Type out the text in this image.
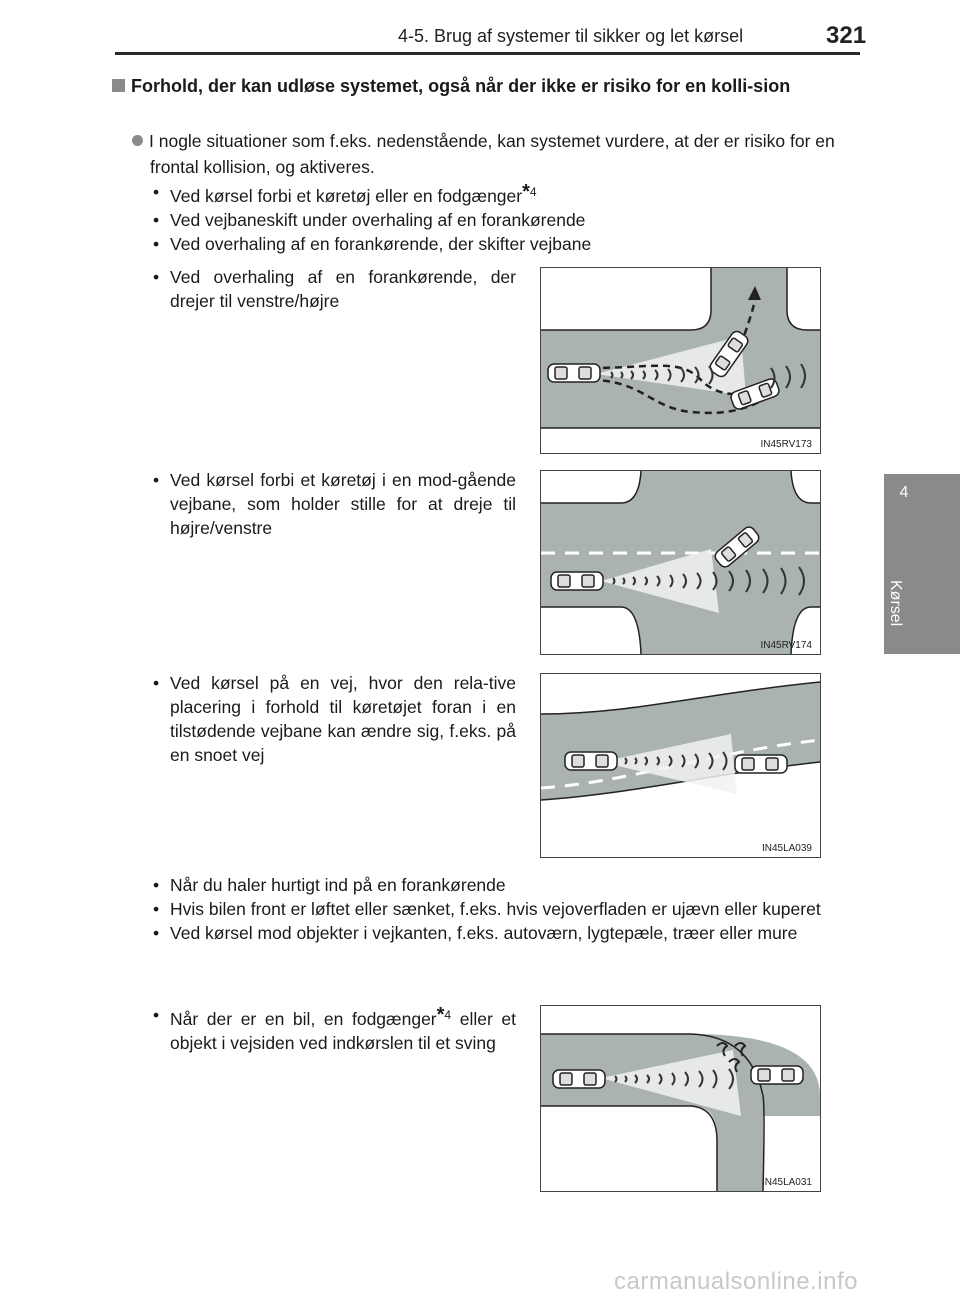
4-5. Brug af systemer til sikker og let kørsel	321
4
Kørsel
Forhold, der kan udløse systemet, også når der ikke er risiko for en kolli-sion
I nogle situationer som f.eks. nedenstående, kan systemet vurdere, at der er risiko for en frontal kollision, og aktiveres.
• Ved kørsel forbi et køretøj eller en fodgænger*$^4$
• Ved vejbaneskift under overhaling af en forankørende
• Ved overhaling af en forankørende, der skifter vejbane
• Ved overhaling af en forankørende, der drejer til venstre/højre
IN45RV173
• Ved kørsel forbi et køretøj i en mod-gående vejbane, som holder stille for at dreje til højre/venstre
IN45RV174
• Ved kørsel på en vej, hvor den rela-tive placering i forhold til køretøjet foran i en tilstødende vejbane kan ændre sig, f.eks. på en snoet vej
IN45LA039
• Når du haler hurtigt ind på en forankørende
• Hvis bilen front er løftet eller sænket, f.eks. hvis vejoverfladen er ujævn eller kuperet
• Ved kørsel mod objekter i vejkanten, f.eks. autoværn, lygtepæle, træer eller mure
• Når der er en bil, en fodgænger*$^4$ eller et objekt i vejsiden ved indkørslen til et sving
IN45LA031
carmanualsonline.info
